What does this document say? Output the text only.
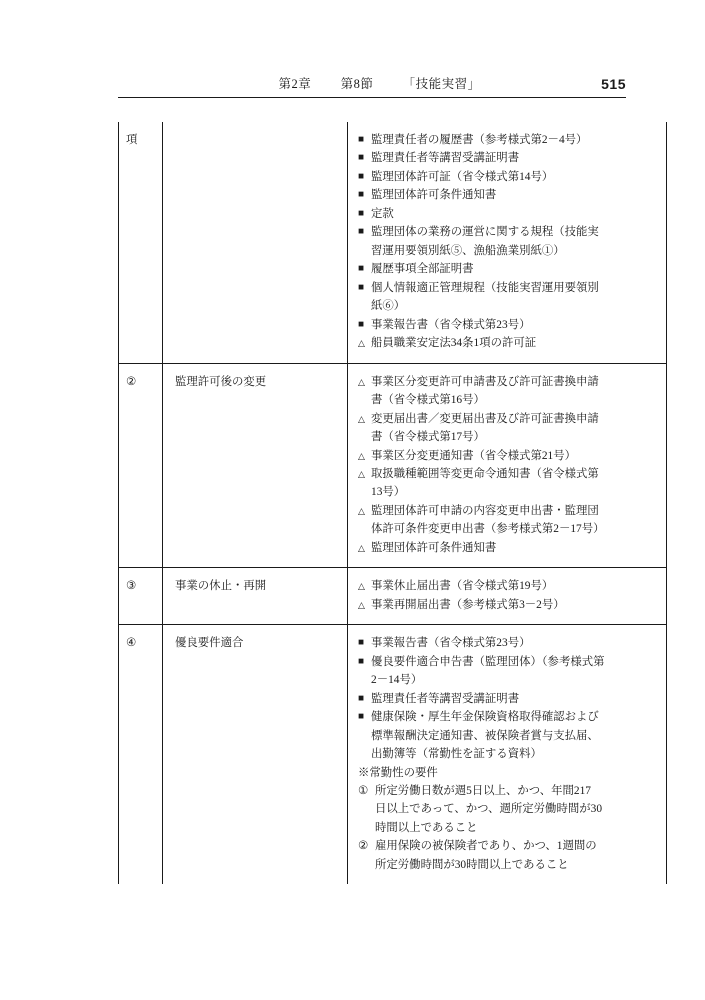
第2章 第8節 「技能実習」	515
項		■ 監理責任者の履歴書（参考様式第2－4号）
■ 監理責任者等講習受講証明書
■ 監理団体許可証（省令様式第14号）
■ 監理団体許可条件通知書
■ 定款
■ 監理団体の業務の運営に関する規程（技能実
習運用要領別紙⑤、漁船漁業別紙①）
■ 履歴事項全部証明書
■ 個人情報適正管理規程（技能実習運用要領別
紙⑥）
■ 事業報告書（省令様式第23号）
△ 船員職業安定法34条1項の許可証

②	監理許可後の変更	△ 事業区分変更許可申請書及び許可証書換申請
書（省令様式第16号）
△ 変更届出書／変更届出書及び許可証書換申請
書（省令様式第17号）
△ 事業区分変更通知書（省令様式第21号）
△ 取扱職種範囲等変更命令通知書（省令様式第
13号）
△ 監理団体許可申請の内容変更申出書・監理団
体許可条件変更申出書（参考様式第2－17号）
△ 監理団体許可条件通知書

③	事業の休止・再開	△ 事業休止届出書（省令様式第19号）
△ 事業再開届出書（参考様式第3－2号）

④	優良要件適合	■ 事業報告書（省令様式第23号）
■ 優良要件適合申告書（監理団体）（参考様式第
2－14号）
■ 監理責任者等講習受講証明書
■ 健康保険・厚生年金保険資格取得確認および
標準報酬決定通知書、被保険者賞与支払届、
出勤簿等（常勤性を証する資料）
※常勤性の要件
① 所定労働日数が週5日以上、かつ、年間217
日以上であって、かつ、週所定労働時間が30
時間以上であること
② 雇用保険の被保険者であり、かつ、1週間の
所定労働時間が30時間以上であること
